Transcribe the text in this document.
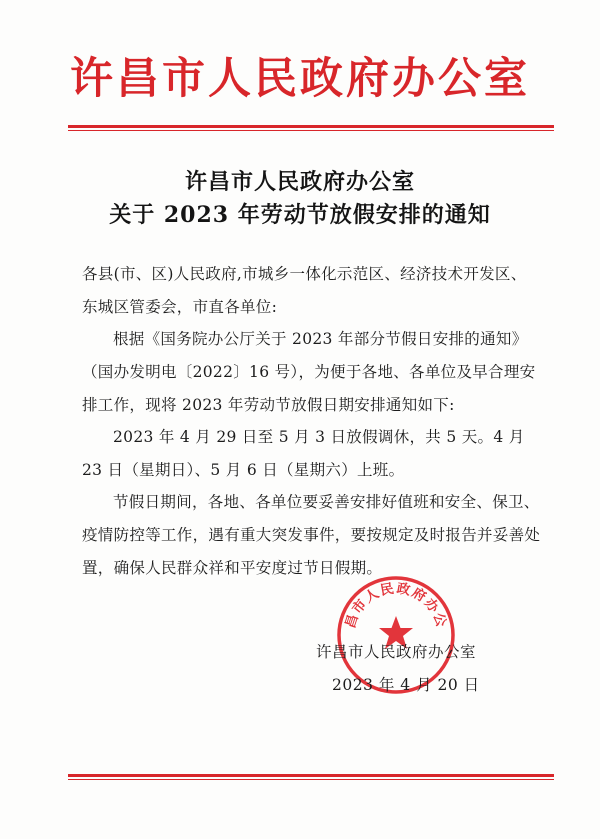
许昌市人民政府办公室
许昌市人民政府办公室
关于 2023 年劳动节放假安排的通知
各县(市、区)人民政府,市城乡一体化示范区、经济技术开发区、东城区管委会，市直各单位:
根据《国务院办公厅关于 2023 年部分节假日安排的通知》（国办发明电〔2022〕16 号），为便于各地、各单位及早合理安排工作，现将 2023 年劳动节放假日期安排通知如下:
2023 年 4 月 29 日至 5 月 3 日放假调休，共 5 天。4 月 23 日（星期日）、5 月 6 日（星期六）上班。
节假日期间，各地、各单位要妥善安排好值班和安全、保卫、疫情防控等工作，遇有重大突发事件，要按规定及时报告并妥善处置，确保人民群众祥和平安度过节日假期。
昌市人民政府办公
许昌市人民政府办公室
2023 年 4 月 20 日
